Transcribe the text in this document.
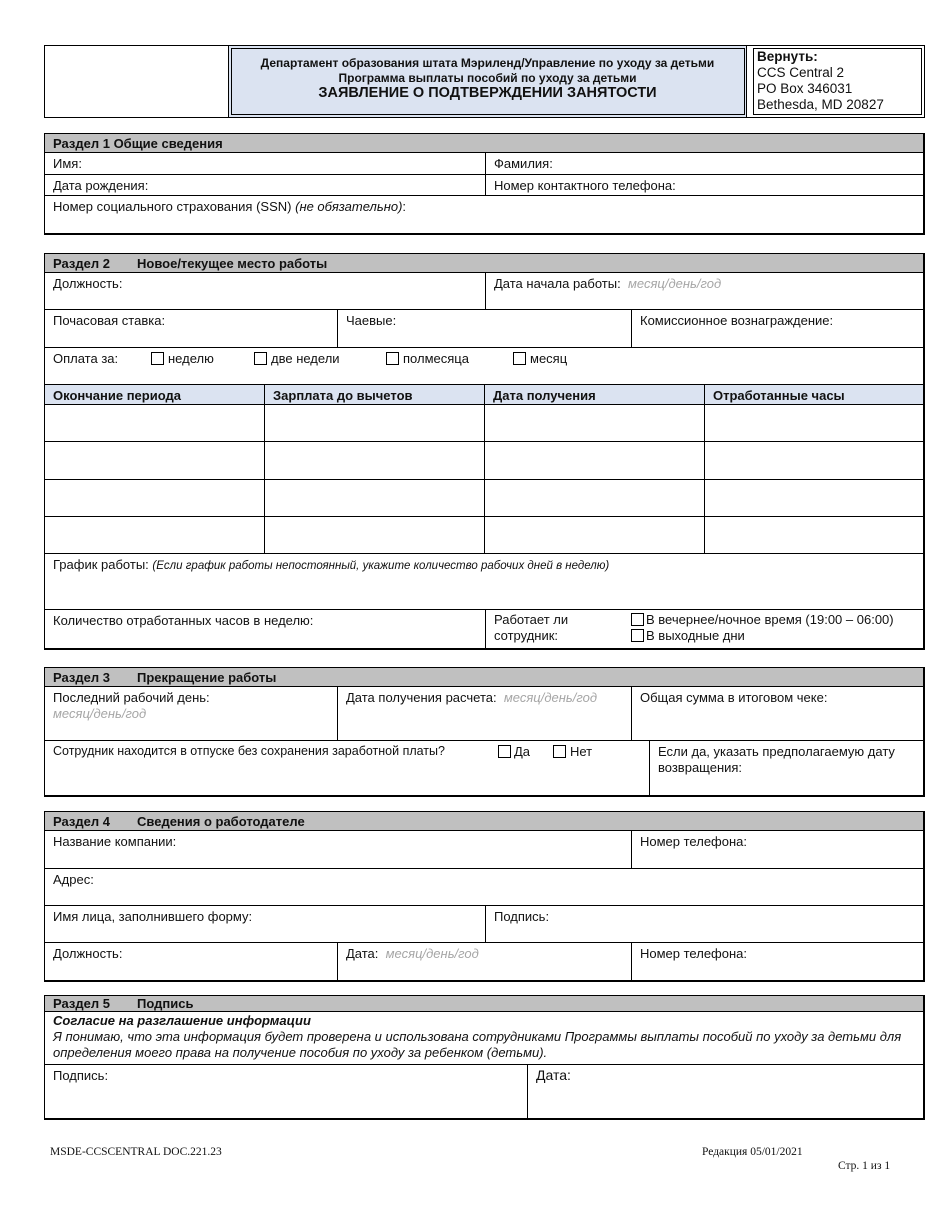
Департамент образования штата Мэриленд/Управление по уходу за детьми
Программа выплаты пособий по уходу за детьми
ЗАЯВЛЕНИЕ О ПОДТВЕРЖДЕНИИ ЗАНЯТОСТИ
Вернуть:
CCS Central 2
PO Box 346031
Bethesda, MD 20827
Раздел 1 Общие сведения
Имя:	Фамилия:
Дата рождения:	Номер контактного телефона:
Номер социального страхования (SSN) (не обязательно):
Раздел 2 Новое/текущее место работы
Должность:	Дата начала работы: месяц/день/год
Почасовая ставка:	Чаевые:	Комиссионное вознаграждение:
Оплата за:	неделю	две недели	полмесяца	месяц
Окончание периода	Зарплата до вычетов	Дата получения	Отработанные часы
График работы: (Если график работы непостоянный, укажите количество рабочих дней в неделю)
Количество отработанных часов в неделю:	Работает ли
сотрудник:
В вечернее/ночное время (19:00 – 06:00)
В выходные дни
Раздел 3 Прекращение работы
Последний рабочий день:
месяц/день/год
Дата получения расчета: месяц/день/год	Общая сумма в итоговом чеке:
Сотрудник находится в отпуске без сохранения заработной платы?	Да	Нет	Если да, указать предполагаемую дату возвращения:
Раздел 4 Сведения о работодателе
Название компании:	Номер телефона:
Адрес:
Имя лица, заполнившего форму:	Подпись:
Должность:	Дата: месяц/день/год	Номер телефона:
Раздел 5 Подпись
Согласие на разглашение информации
Я понимаю, что эта информация будет проверена и использована сотрудниками Программы выплаты пособий по уходу за детьми для определения моего права на получение пособия по уходу за ребенком (детьми).
Подпись:	Дата:
MSDE-CCSCENTRAL DOC.221.23	Редакция 05/01/2021
Стр. 1 из 1
